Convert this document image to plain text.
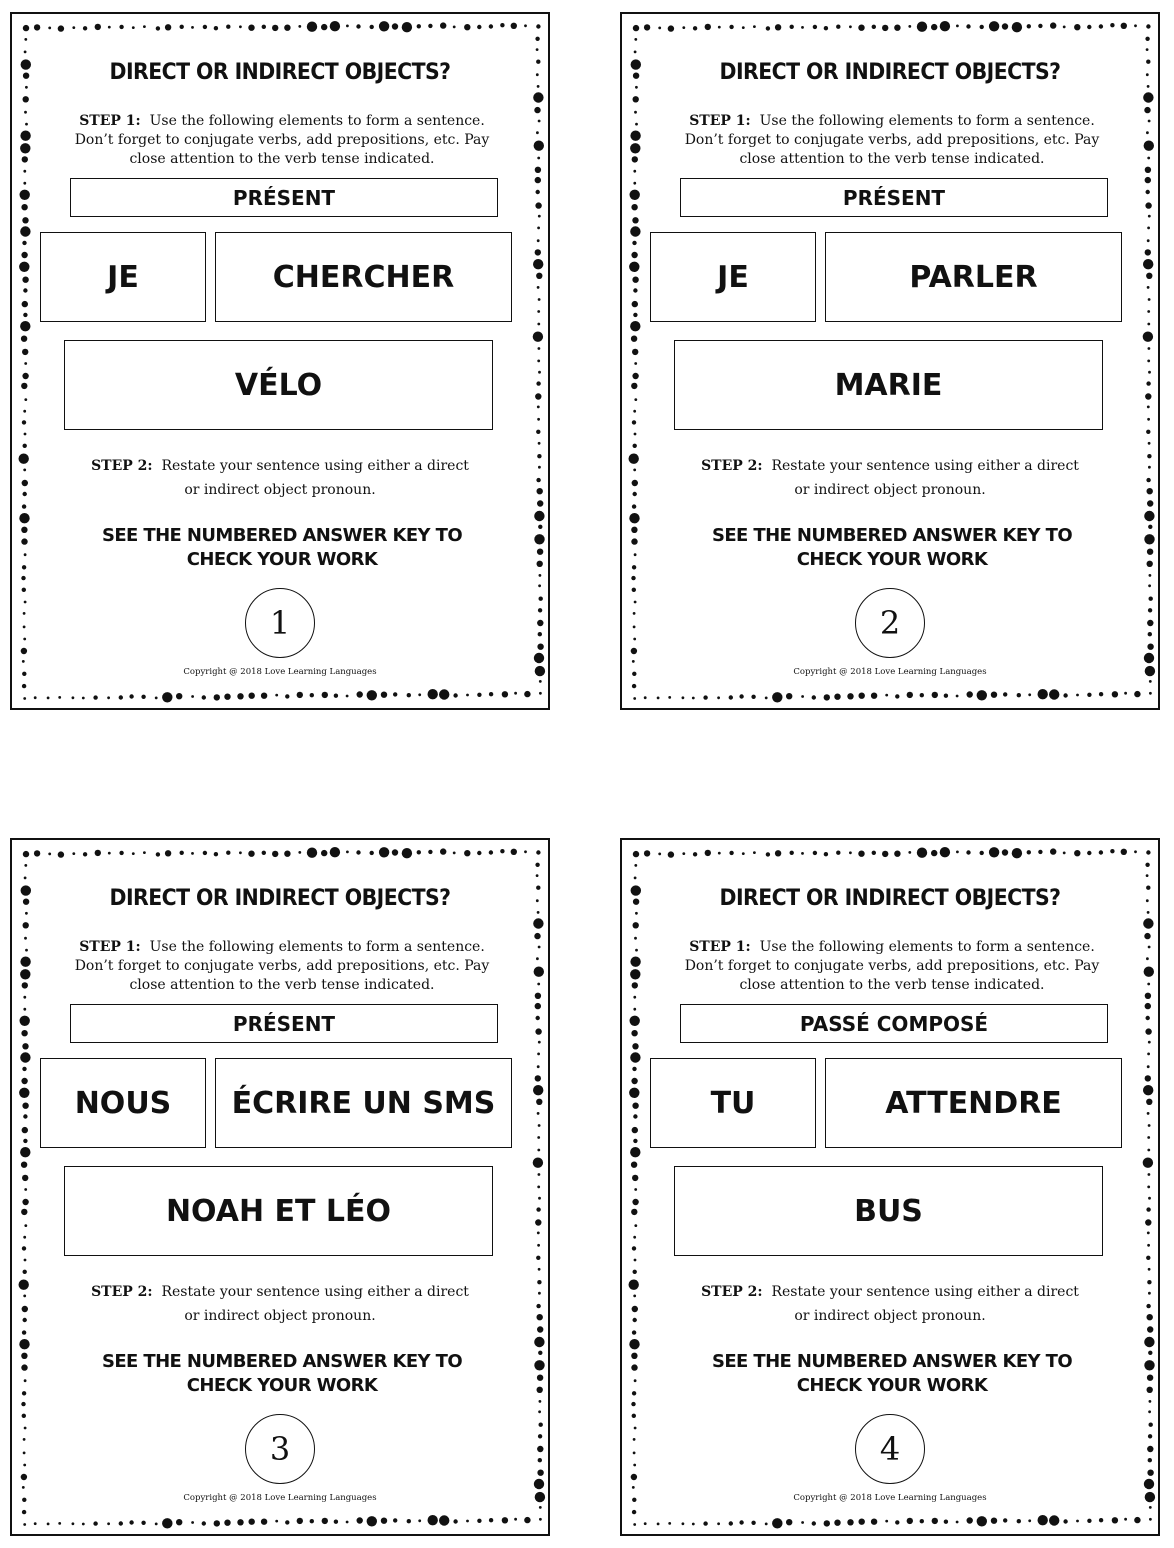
DIRECT OR INDIRECT OBJECTS?
STEP 1: Use the following elements to form a sentence. Don’t forget to conjugate verbs, add prepositions, etc. Pay close attention to the verb tense indicated.
PRÉSENT
JE	CHERCHER
VÉLO
STEP 2: Restate your sentence using either a direct or indirect object pronoun.
SEE THE NUMBERED ANSWER KEY TO CHECK YOUR WORK
1
Copyright @ 2018 Love Learning Languages
DIRECT OR INDIRECT OBJECTS?
STEP 1: Use the following elements to form a sentence. Don’t forget to conjugate verbs, add prepositions, etc. Pay close attention to the verb tense indicated.
PRÉSENT
JE	PARLER
MARIE
STEP 2: Restate your sentence using either a direct or indirect object pronoun.
SEE THE NUMBERED ANSWER KEY TO CHECK YOUR WORK
2
Copyright @ 2018 Love Learning Languages
DIRECT OR INDIRECT OBJECTS?
STEP 1: Use the following elements to form a sentence. Don’t forget to conjugate verbs, add prepositions, etc. Pay close attention to the verb tense indicated.
PRÉSENT
NOUS	ÉCRIRE UN SMS
NOAH ET LÉO
STEP 2: Restate your sentence using either a direct or indirect object pronoun.
SEE THE NUMBERED ANSWER KEY TO CHECK YOUR WORK
3
Copyright @ 2018 Love Learning Languages
DIRECT OR INDIRECT OBJECTS?
STEP 1: Use the following elements to form a sentence. Don’t forget to conjugate verbs, add prepositions, etc. Pay close attention to the verb tense indicated.
PASSÉ COMPOSÉ
TU	ATTENDRE
BUS
STEP 2: Restate your sentence using either a direct or indirect object pronoun.
SEE THE NUMBERED ANSWER KEY TO CHECK YOUR WORK
4
Copyright @ 2018 Love Learning Languages
